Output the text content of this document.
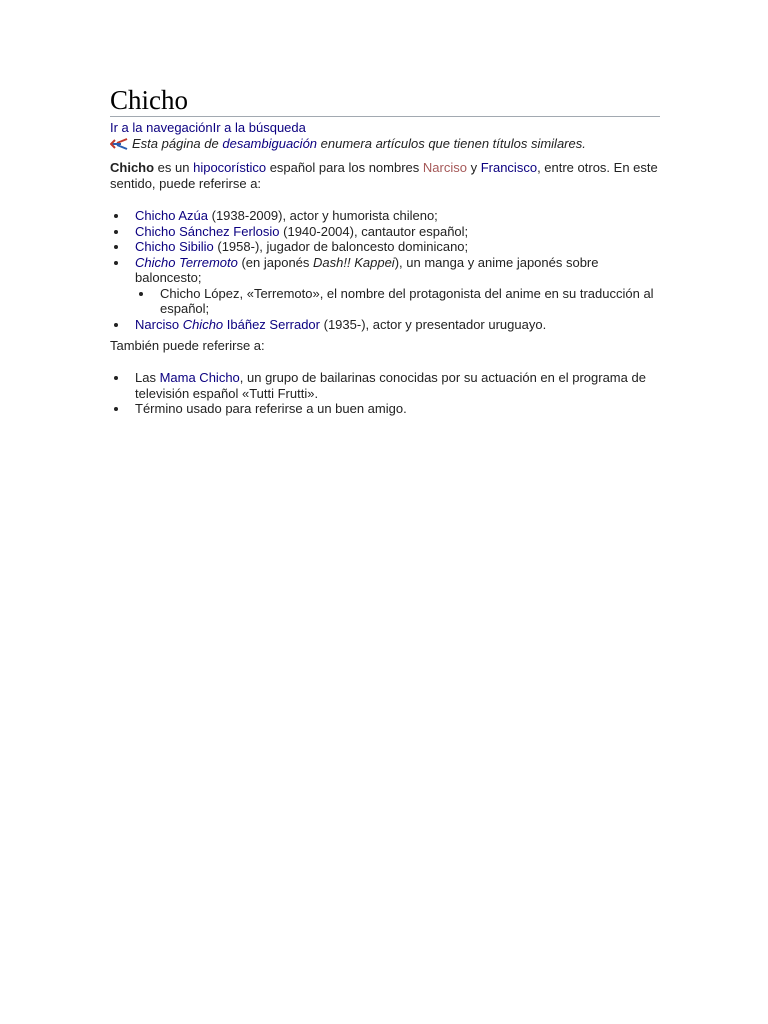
Chicho
Ir a la navegaciónIr a la búsqueda
Esta página de desambiguación enumera artículos que tienen títulos similares.

Chicho es un hipocorístico español para los nombres Narciso y Francisco, entre otros. En este sentido, puede referirse a:

Chicho Azúa (1938-2009), actor y humorista chileno;
Chicho Sánchez Ferlosio (1940-2004), cantautor español;
Chicho Sibilio (1958-), jugador de baloncesto dominicano;
Chicho Terremoto (en japonés Dash!! Kappei), un manga y anime japonés sobre baloncesto;
Chicho López, «Terremoto», el nombre del protagonista del anime en su traducción al español;
Narciso Chicho Ibáñez Serrador (1935-), actor y presentador uruguayo.

También puede referirse a:

Las Mama Chicho, un grupo de bailarinas conocidas por su actuación en el programa de televisión español «Tutti Frutti».
Término usado para referirse a un buen amigo.
